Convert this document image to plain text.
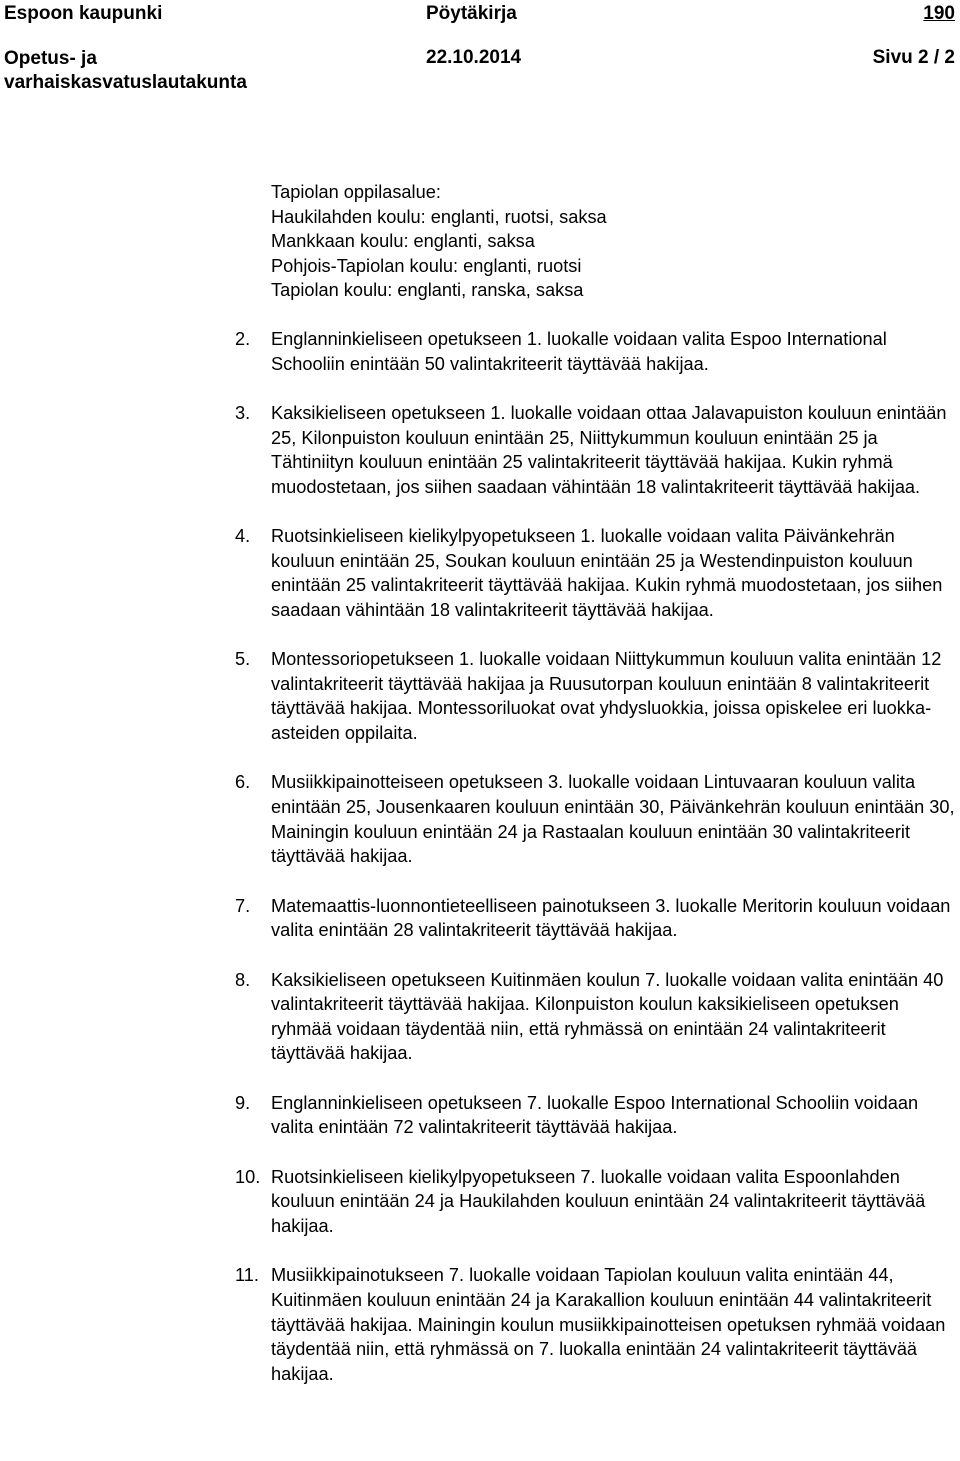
Espoon kaupunki	Pöytäkirja	190
Opetus- ja varhaiskasvatuslautakunta
22.10.2014	Sivu 2 / 2
Tapiolan oppilasalue:
Haukilahden koulu: englanti, ruotsi, saksa
Mankkaan koulu: englanti, saksa
Pohjois-Tapiolan koulu: englanti, ruotsi
Tapiolan koulu: englanti, ranska, saksa
2.	Englanninkieliseen opetukseen 1. luokalle voidaan valita Espoo International Schooliin enintään 50 valintakriteerit täyttävää hakijaa.
3.	Kaksikieliseen opetukseen 1. luokalle voidaan ottaa Jalavapuiston kouluun enintään 25, Kilonpuiston kouluun enintään 25, Niittykummun kouluun enintään 25 ja Tähtiniityn kouluun enintään 25 valintakriteerit täyttävää hakijaa. Kukin ryhmä muodostetaan, jos siihen saadaan vähintään 18 valintakriteerit täyttävää hakijaa.
4.	Ruotsinkieliseen kielikylpyopetukseen 1. luokalle voidaan valita Päivänkehrän kouluun enintään 25, Soukan kouluun enintään 25 ja Westendinpuiston kouluun enintään 25 valintakriteerit täyttävää hakijaa. Kukin ryhmä muodostetaan, jos siihen saadaan vähintään 18 valintakriteerit täyttävää hakijaa.
5.	Montessoriopetukseen 1. luokalle voidaan Niittykummun kouluun valita enintään 12 valintakriteerit täyttävää hakijaa ja Ruusutorpan kouluun enintään 8 valintakriteerit täyttävää hakijaa. Montessoriluokat ovat yhdysluokkia, joissa opiskelee eri luokka-asteiden oppilaita.
6.	Musiikkipainotteiseen opetukseen 3. luokalle voidaan Lintuvaaran kouluun valita enintään 25, Jousenkaaren kouluun enintään 30, Päivänkehrän kouluun enintään 30, Mainingin kouluun enintään 24 ja Rastaalan kouluun enintään 30 valintakriteerit täyttävää hakijaa.
7.	Matemaattis-luonnontieteelliseen painotukseen 3. luokalle Meritorin kouluun voidaan valita enintään 28 valintakriteerit täyttävää hakijaa.
8.	Kaksikieliseen opetukseen Kuitinmäen koulun 7. luokalle voidaan valita enintään 40 valintakriteerit täyttävää hakijaa. Kilonpuiston koulun kaksikieliseen opetuksen ryhmää voidaan täydentää niin, että ryhmässä on enintään 24 valintakriteerit täyttävää hakijaa.
9.	Englanninkieliseen opetukseen 7. luokalle Espoo International Schooliin voidaan valita enintään 72 valintakriteerit täyttävää hakijaa.
10. Ruotsinkieliseen kielikylpyopetukseen 7. luokalle voidaan valita Espoonlahden kouluun enintään 24 ja Haukilahden kouluun enintään 24 valintakriteerit täyttävää hakijaa.
11. Musiikkipainotukseen 7. luokalle voidaan Tapiolan kouluun valita enintään 44, Kuitinmäen kouluun enintään 24 ja Karakallion kouluun enintään 44 valintakriteerit täyttävää hakijaa. Mainingin koulun musiikkipainotteisen opetuksen ryhmää voidaan täydentää niin, että ryhmässä on 7. luokalla enintään 24 valintakriteerit täyttävää hakijaa.
